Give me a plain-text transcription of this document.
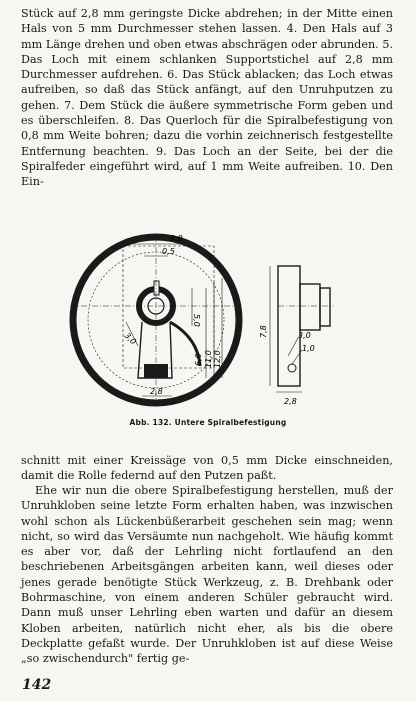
Stück auf 2,8 mm geringste Dicke abdrehen; in der Mitte einen Hals von 5 mm Durchmesser stehen lassen. 4. Den Hals auf 3 mm Länge drehen und oben etwas abschrägen oder abrunden. 5. Das Loch mit einem schlanken Supportstichel auf 2,8 mm Durchmesser aufdrehen. 6. Das Stück ablacken; das Loch etwas aufreiben, so daß das Stück anfängt, auf den Unruhputzen zu gehen. 7. Dem Stück die äußere symmetrische Form geben und es überschleifen. 8. Das Querloch für die Spiralbefestigung von 0,8 mm Weite bohren; dazu die vorhin zeichnerisch festgestellte Entfernung beachten. 9. Das Loch an der Seite, bei der die Spiralfeder eingeführt wird, auf 1 mm Weite aufreiben. 10. Den Ein-

9,0
0,5
5,0
6,0 11,0 12,0
3,0
2,8
7,8	3,0
1,0
2,8
Abb. 132. Untere Spiralbefestigung

schnitt mit einer Kreissäge von 0,5 mm Dicke einschneiden, damit die Rolle federnd auf den Putzen paßt.

Ehe wir nun die obere Spiralbefestigung herstellen, muß der Unruhkloben seine letzte Form erhalten haben, was inzwischen wohl schon als Lückenbüßerarbeit geschehen sein mag; wenn nicht, so wird das Versäumte nun nachgeholt. Wie häufig kommt es aber vor, daß der Lehrling nicht fortlaufend an den beschriebenen Arbeitsgängen arbeiten kann, weil dieses oder jenes gerade benötigte Stück Werkzeug, z. B. Drehbank oder Bohrmaschine, von einem anderen Schüler gebraucht wird. Dann muß unser Lehrling eben warten und dafür an diesem Kloben arbeiten, natürlich nicht eher, als bis die obere Deckplatte gefaßt wurde. Der Unruhkloben ist auf diese Weise „so zwischendurch" fertig ge-

142
